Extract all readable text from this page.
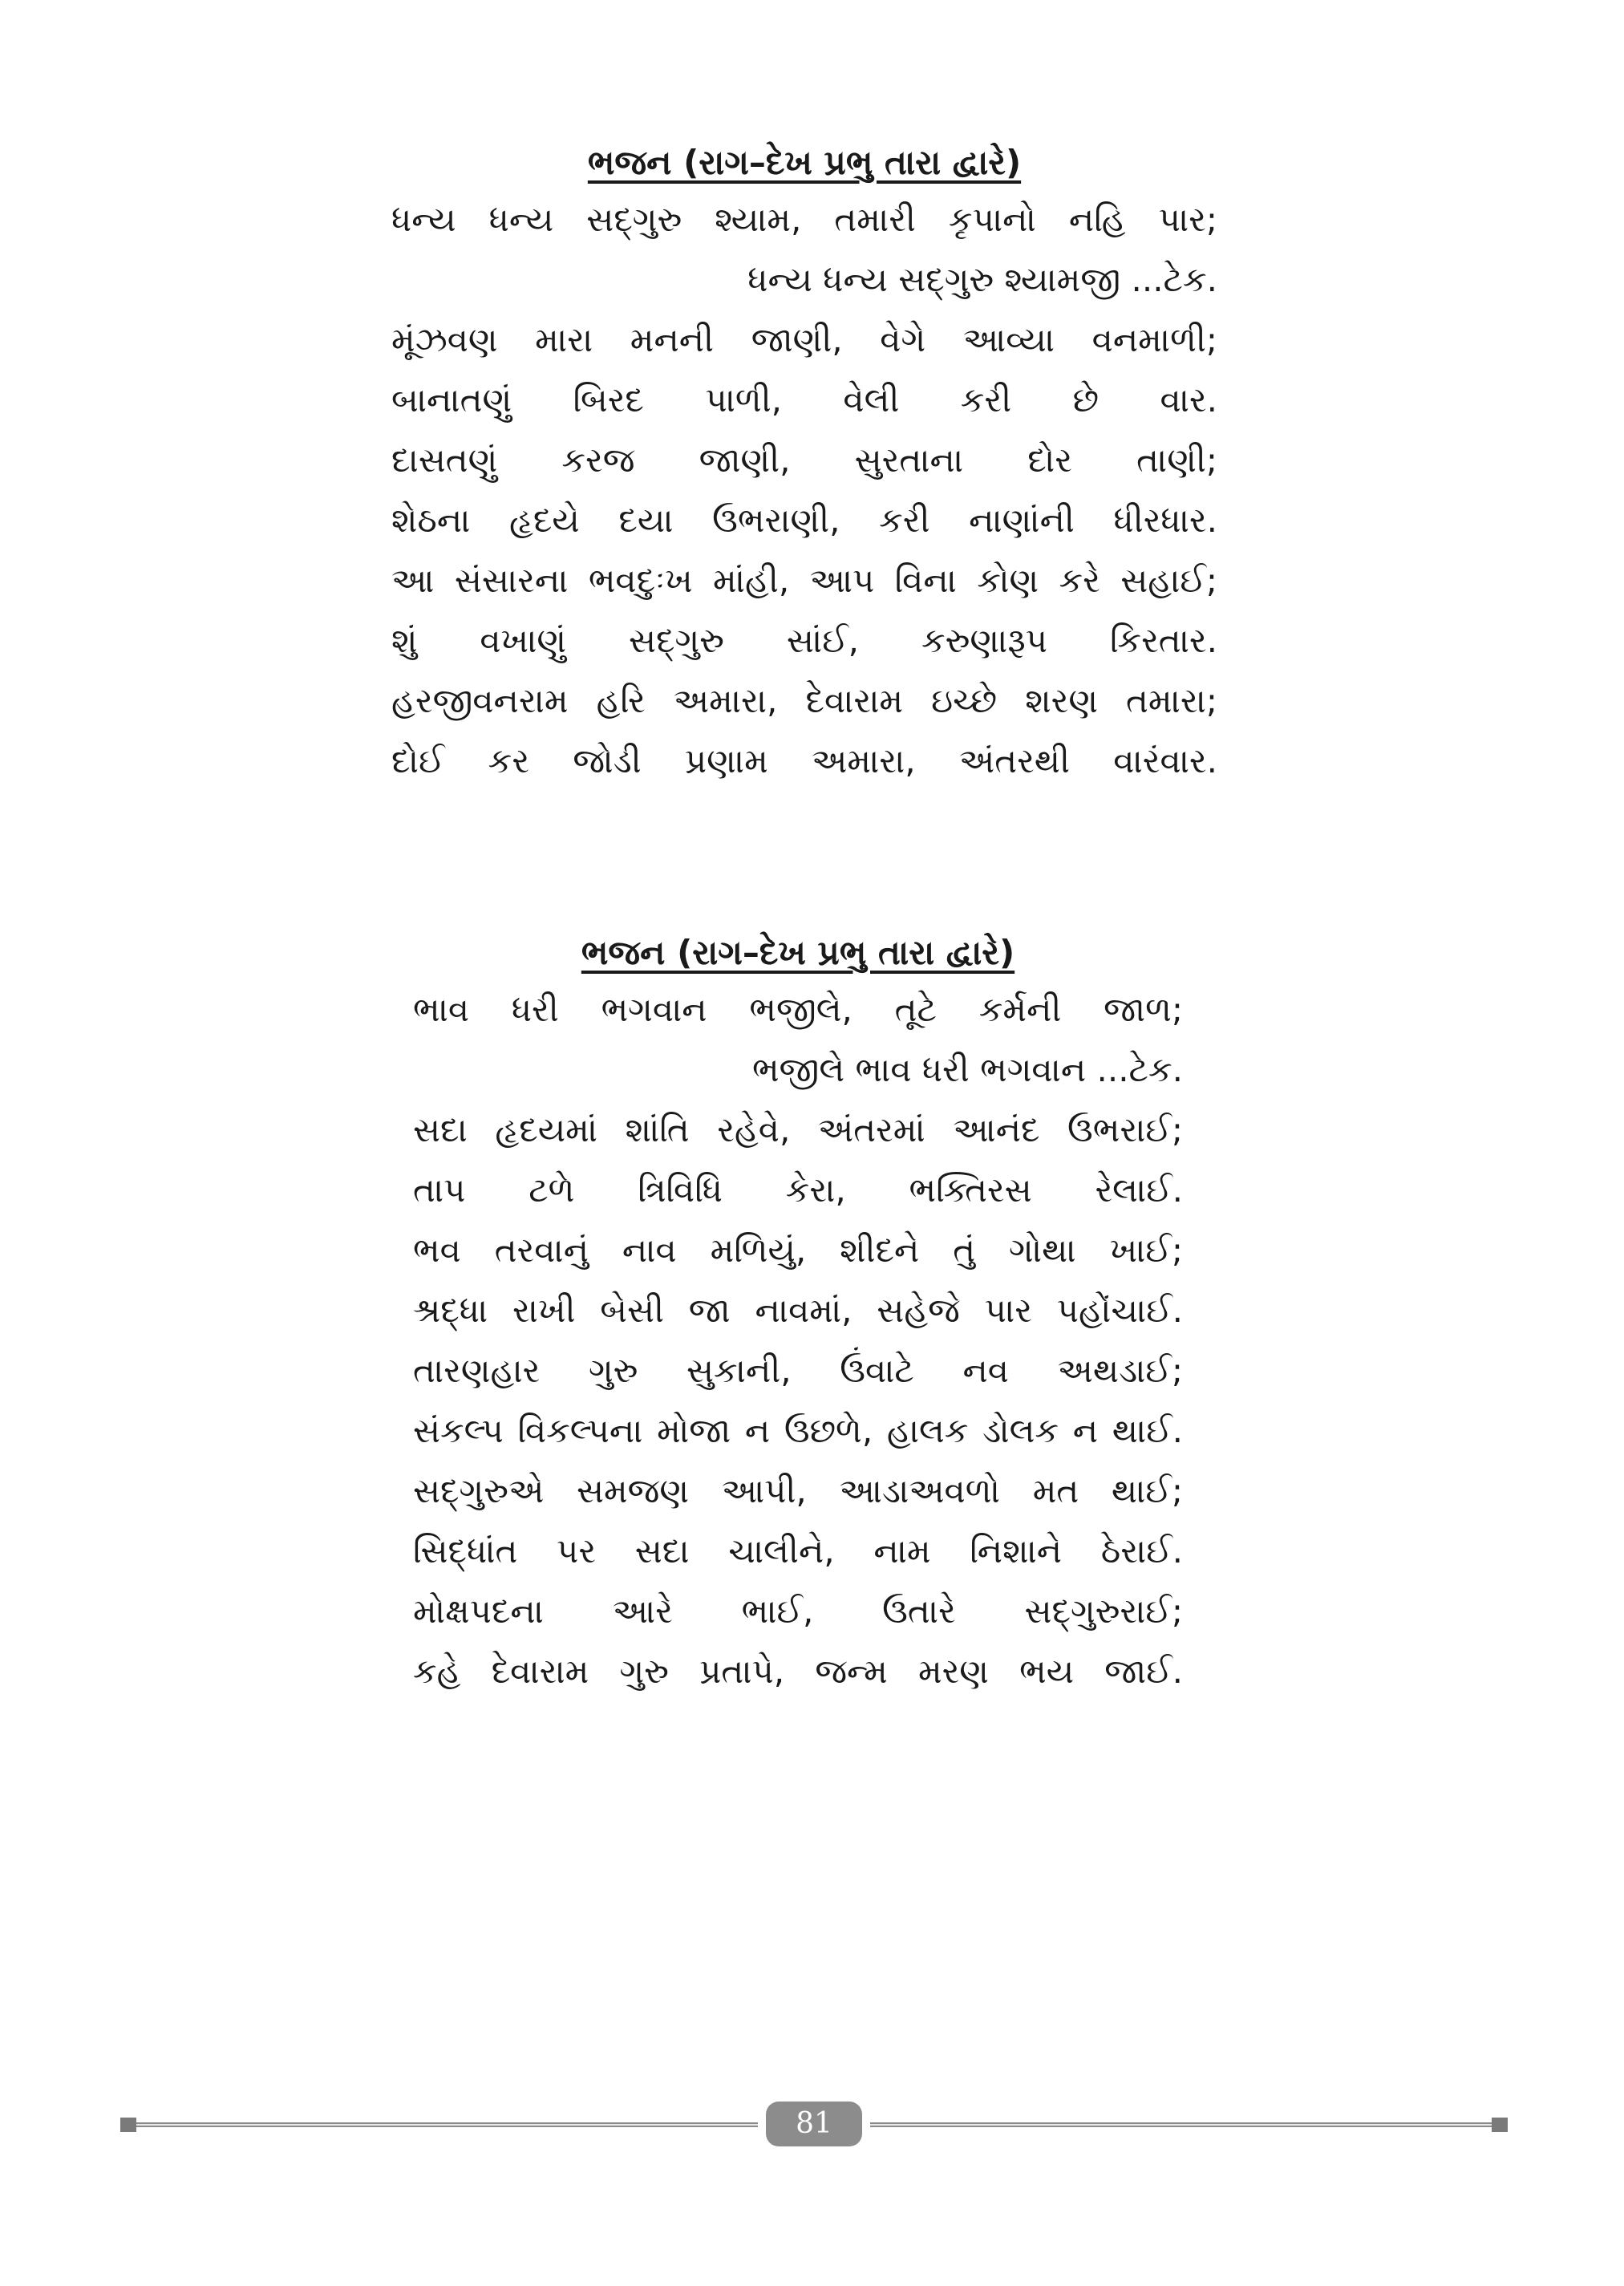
ભજન (રાગ–દેખ પ્રભુ તારા દ્વારે)
ધન્ય ધન્ય સદ્‌ગુરુ શ્યામ, તમારી કૃપાનો નહિ પાર;
ધન્ય ધન્ય સદ્‌ગુરુ શ્યામજી ...ટેક.
મૂંઝવણ મારા મનની જાણી, વેગે આવ્યા વનમાળી;
બાનાતણું બિરદ પાળી, વેલી કરી છે વાર.
દાસતણું કરજ જાણી, સુરતાના દોર તાણી;
શેઠના હૃદયે દયા ઉભરાણી, કરી નાણાંની ધીરધાર.
આ સંસારના ભવદુઃખ માંહી, આપ વિના કોણ કરે સહાઈ;
શું વખાણું સદ્‌ગુરુ સાંઈ, કરુણારૂપ કિરતાર.
હરજીવનરામ હરિ અમારા, દેવારામ ઇચ્છે શરણ તમારા;
દોઈ કર જોડી પ્રણામ અમારા, અંતરથી વારંવાર.
ભજન (રાગ–દેખ પ્રભુ તારા દ્વારે)
ભાવ ધરી ભગવાન ભજીલે, તૂટે કર્મની જાળ;
ભજીલે ભાવ ધરી ભગવાન ...ટેક.
સદા હૃદયમાં શાંતિ રહેવે, અંતરમાં આનંદ ઉભરાઈ;
તાપ ટળે ત્રિવિધિ કેરા, ભક્તિરસ રેલાઈ.
ભવ તરવાનું નાવ મળિયું, શીદને તું ગોથા ખાઈ;
શ્રદ્ધા રાખી બેસી જા નાવમાં, સહેજે પાર પહોંચાઈ.
તારણહાર ગુરુ સુકાની, ઉંવાટે નવ અથડાઈ;
સંકલ્પ વિકલ્પના મોજા ન ઉછળે, હાલક ડોલક ન થાઈ.
સદ્‌ગુરુએ સમજણ આપી, આડાઅવળો મત થાઈ;
સિદ્ધાંત પર સદા ચાલીને, નામ નિશાને ઠેરાઈ.
મોક્ષપદના આરે ભાઈ, ઉતારે સદ્‌ગુરુરાઈ;
કહે દેવારામ ગુરુ પ્રતાપે, જન્મ મરણ ભય જાઈ.
81
